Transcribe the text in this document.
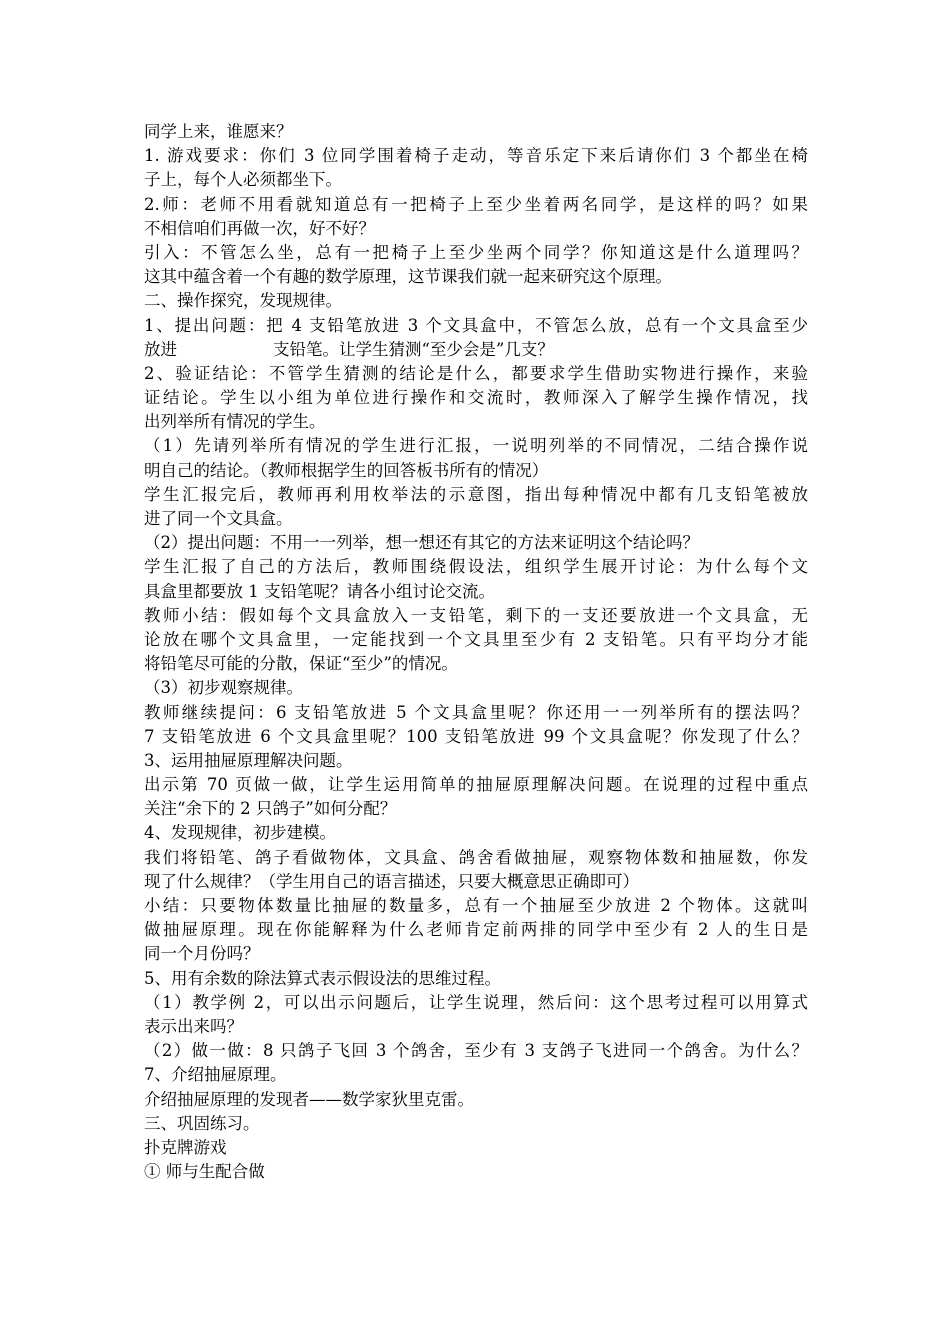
同学上来，谁愿来？
1. 游戏要求：你们 3 位同学围着椅子走动，等音乐定下来后请你们 3 个都坐在椅
子上，每个人必须都坐下。
2.师：老师不用看就知道总有一把椅子上至少坐着两名同学，是这样的吗？如果
不相信咱们再做一次，好不好？
引入：不管怎么坐，总有一把椅子上至少坐两个同学？你知道这是什么道理吗？
这其中蕴含着一个有趣的数学原理，这节课我们就一起来研究这个原理。
二、操作探究，发现规律。
1、提出问题：把 4 支铅笔放进 3 个文具盒中，不管怎么放，总有一个文具盒至少
放进	支铅笔。让学生猜测“至少会是”几支？
2、验证结论：不管学生猜测的结论是什么，都要求学生借助实物进行操作，来验
证结论。学生以小组为单位进行操作和交流时，教师深入了解学生操作情况，找
出列举所有情况的学生。
（1）先请列举所有情况的学生进行汇报，一说明列举的不同情况，二结合操作说
明自己的结论。（教师根据学生的回答板书所有的情况）
学生汇报完后，教师再利用枚举法的示意图，指出每种情况中都有几支铅笔被放
进了同一个文具盒。
（2）提出问题：不用一一列举，想一想还有其它的方法来证明这个结论吗？
学生汇报了自己的方法后，教师围绕假设法，组织学生展开讨论：为什么每个文
具盒里都要放 1 支铅笔呢？请各小组讨论交流。
教师小结：假如每个文具盒放入一支铅笔，剩下的一支还要放进一个文具盒，无
论放在哪个文具盒里，一定能找到一个文具里至少有 2 支铅笔。只有平均分才能
将铅笔尽可能的分散，保证“至少”的情况。
（3）初步观察规律。
教师继续提问：6 支铅笔放进 5 个文具盒里呢？你还用一一列举所有的摆法吗？
7 支铅笔放进 6 个文具盒里呢？100 支铅笔放进 99 个文具盒呢？你发现了什么？
3、运用抽屉原理解决问题。
出示第 70 页做一做，让学生运用简单的抽屉原理解决问题。在说理的过程中重点
关注“余下的 2 只鸽子”如何分配？
4、发现规律，初步建模。
我们将铅笔、鸽子看做物体，文具盒、鸽舍看做抽屉，观察物体数和抽屉数，你发
现了什么规律？（学生用自己的语言描述，只要大概意思正确即可）
小结：只要物体数量比抽屉的数量多，总有一个抽屉至少放进 2 个物体。这就叫
做抽屉原理。现在你能解释为什么老师肯定前两排的同学中至少有 2 人的生日是
同一个月份吗？
5、用有余数的除法算式表示假设法的思维过程。
（1）教学例 2，可以出示问题后，让学生说理，然后问：这个思考过程可以用算式
表示出来吗？
（2）做一做：8 只鸽子飞回 3 个鸽舍，至少有 3 支鸽子飞进同一个鸽舍。为什么？
7、介绍抽屉原理。
介绍抽屉原理的发现者——数学家狄里克雷。
三、巩固练习。
扑克牌游戏
① 师与生配合做
